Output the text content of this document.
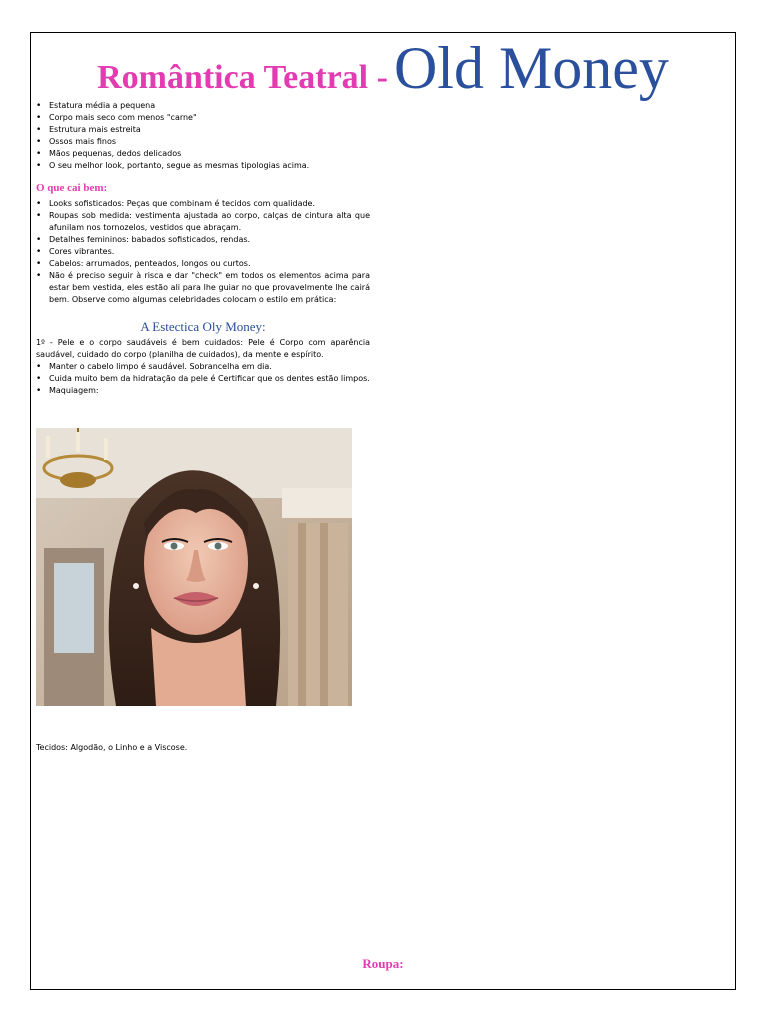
Romântica Teatral - Old Money
• Estatura média a pequena
• Corpo mais seco com menos "carne"
• Estrutura mais estreita
• Ossos mais finos
• Mãos pequenas, dedos delicados
• O seu melhor look, portanto, segue as mesmas tipologias acima.
O que cai bem:
• Looks sofisticados: Peças que combinam é tecidos com qualidade.
• Roupas sob medida: vestimenta ajustada ao corpo, calças de cintura alta que afunilam nos tornozelos, vestidos que abraçam.
• Detalhes femininos: babados sofisticados, rendas.
• Cores vibrantes.
• Cabelos: arrumados, penteados, longos ou curtos.
• Não é preciso seguir à risca e dar "check" em todos os elementos acima para estar bem vestida, eles estão ali para lhe guiar no que provavelmente lhe cairá bem. Observe como algumas celebridades colocam o estilo em prática:
A Estectica Oly Money:
1º - Pele e o corpo saudáveis é bem cuidados: Pele é Corpo com aparência saudável, cuidado do corpo (planilha de cuidados), da mente e espírito.
• Manter o cabelo limpo é saudável. Sobrancelha em dia.
• Cuida muito bem da hidratação da pele é Certificar que os dentes estão limpos.
• Maquiagem:
Tecidos: Algodão, o Linho e a Viscose.
Roupa:
